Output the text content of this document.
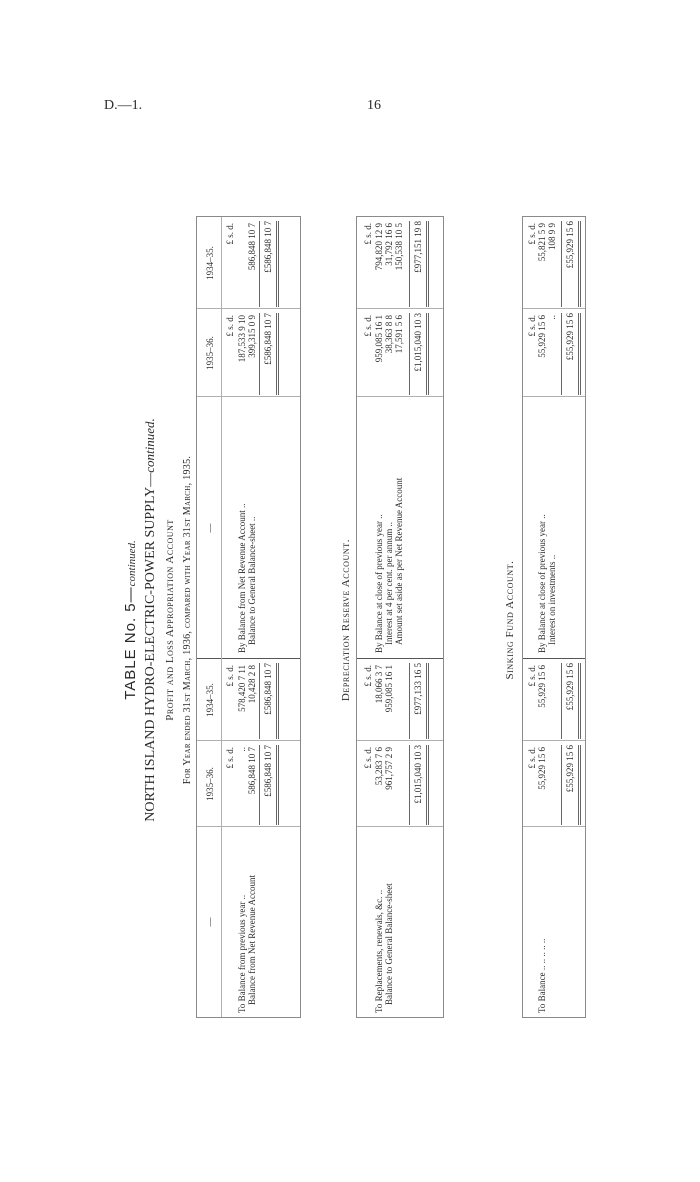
D.—1.	16
TABLE No. 5—continued. NORTH ISLAND HYDRO-ELECTRIC-POWER SUPPLY—continued.
Profit and Loss Appropriation Account For Year ended 31st March, 1936, compared with Year 31st March, 1935.
—
1935–36.
1934–35.
—
1935–36.
1934–35.
£ s. d.
£ s. d.
£ s. d.
£ s. d.
To Balance from previous year .. Balance from Net Revenue Account
.. 586,848 10 7
578,420 7 11 10,428 2 8
By Balance from Net Revenue Account .. Balance to General Balance-sheet ..
187,533 9 10 399,315 0 9
586,848 10 7
£586,848 10 7
£586,848 10 7
£586,848 10 7
£586,848 10 7
Depreciation Reserve Account.
£ s. d.
£ s. d.
£ s. d.
£ s. d.
To Replacements, renewals, &c. .. Balance to General Balance-sheet
53,283 7 6 961,757 2 9
18,066 3 7 959,085 16 1
By Balance at close of previous year .. Interest at 4 per cent. per annum .. Amount set aside as per Net Revenue Account
959,085 16 1 38,363 8 8 17,591 5 6
794,820 12 9 31,792 16 6 150,538 10 5
£1,015,040 10 3
£977,133 16 5
£1,015,040 10 3
£977,151 19 8
Sinking Fund Account.
£ s. d.
£ s. d.
£ s. d.
£ s. d.
To Balance .. .. .. .. ..
55,929 15 6
55,929 15 6
By Balance at close of previous year .. Interest on investments ..
55,929 15 6 ..
55,821 5 9 108 9 9
£55,929 15 6
£55,929 15 6
£55,929 15 6
£55,929 15 6
